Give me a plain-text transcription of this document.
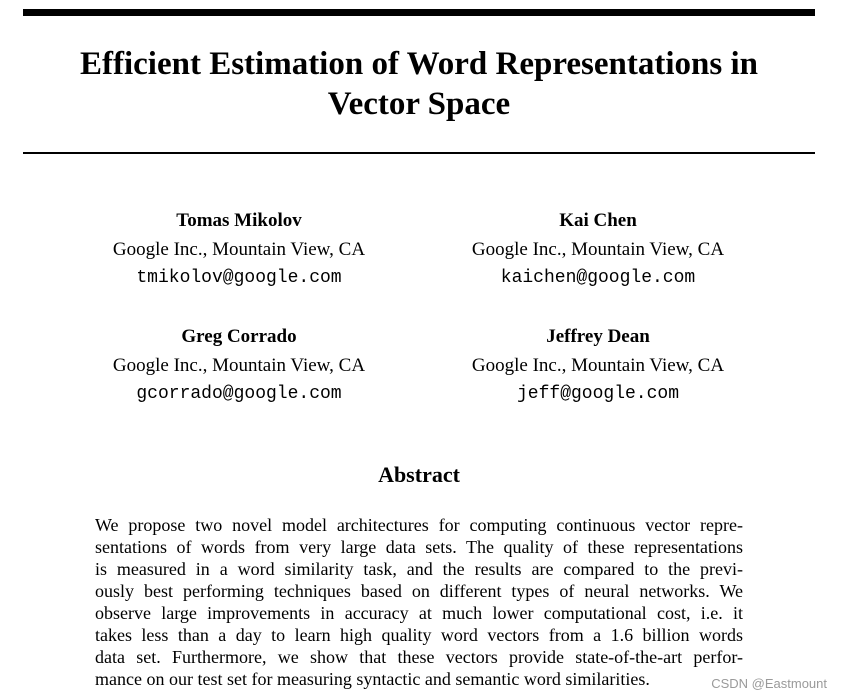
Efficient Estimation of Word Representations in
Vector Space
Tomas Mikolov
Google Inc., Mountain View, CA
tmikolov@google.com
Kai Chen
Google Inc., Mountain View, CA
kaichen@google.com
Greg Corrado
Google Inc., Mountain View, CA
gcorrado@google.com
Jeffrey Dean
Google Inc., Mountain View, CA
jeff@google.com
Abstract
We propose two novel model architectures for computing continuous vector repre-
sentations of words from very large data sets. The quality of these representations
is measured in a word similarity task, and the results are compared to the previ-
ously best performing techniques based on different types of neural networks. We
observe large improvements in accuracy at much lower computational cost, i.e. it
takes less than a day to learn high quality word vectors from a 1.6 billion words
data set. Furthermore, we show that these vectors provide state-of-the-art perfor-
mance on our test set for measuring syntactic and semantic word similarities.	CSDN @Eastmount
